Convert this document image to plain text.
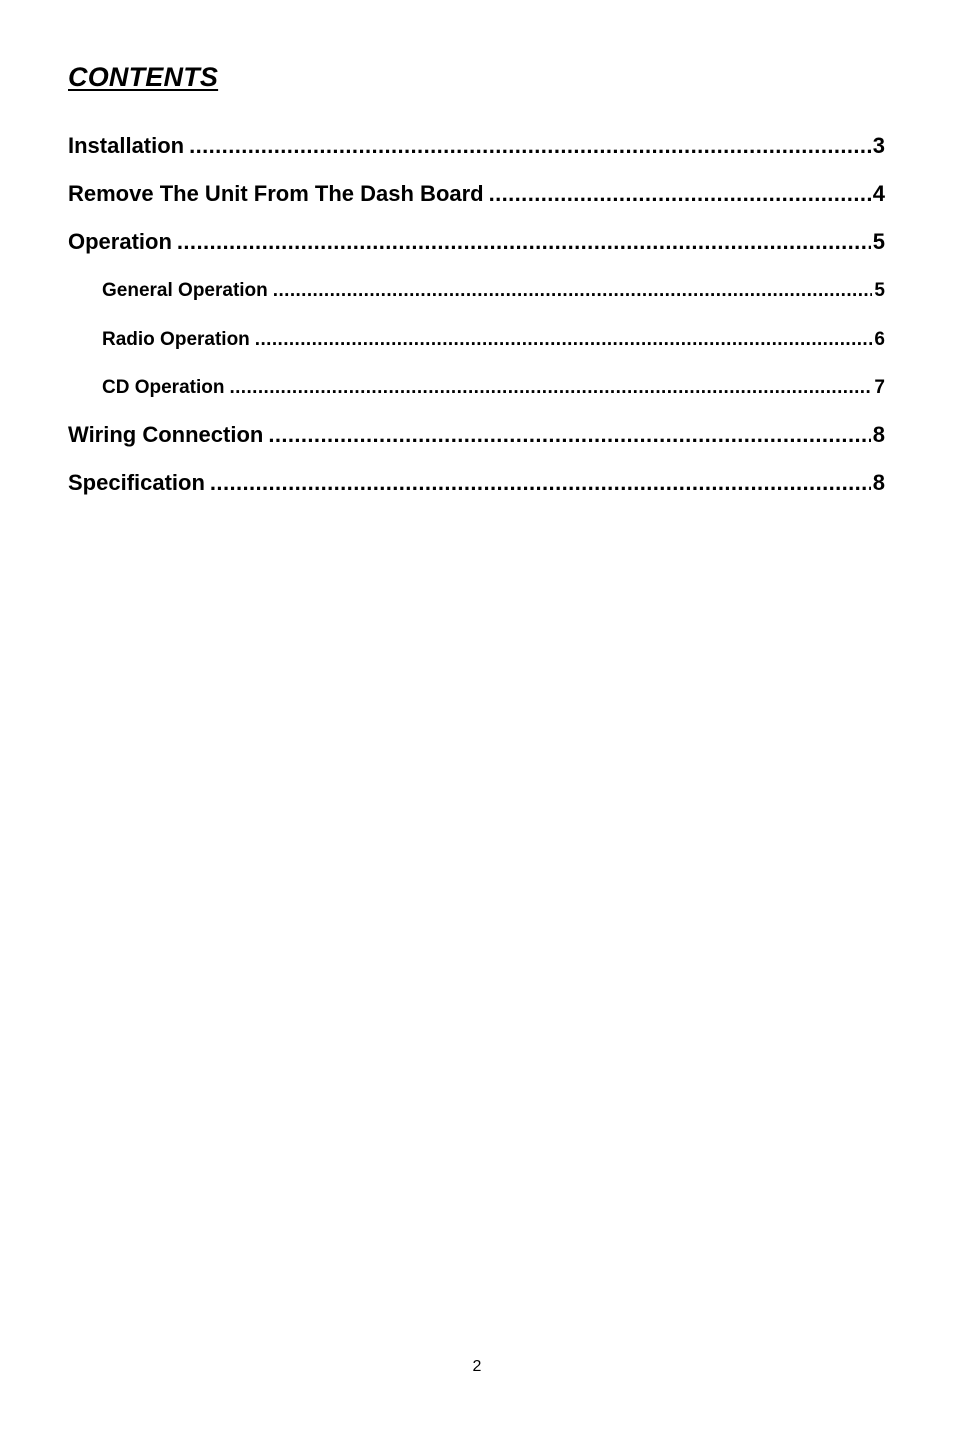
CONTENTS
Installation .....	3
Remove The Unit From The Dash Board .....	4
Operation .....	5
General Operation .....	5
Radio Operation .....	6
CD Operation .....	7
Wiring Connection .....	8
Specification .....	8
2
